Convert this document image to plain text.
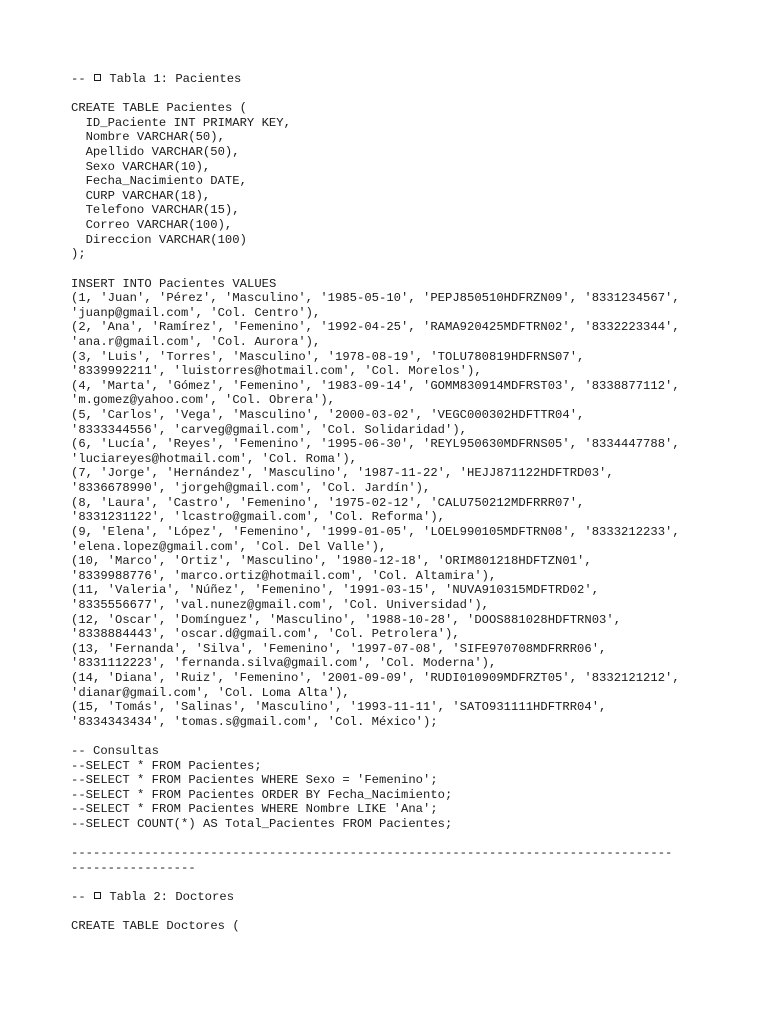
--  Tabla 1: Pacientes
CREATE TABLE Pacientes (
ID_Paciente INT PRIMARY KEY,
Nombre VARCHAR(50),
Apellido VARCHAR(50),
Sexo VARCHAR(10),
Fecha_Nacimiento DATE,
CURP VARCHAR(18),
Telefono VARCHAR(15),
Correo VARCHAR(100),
Direccion VARCHAR(100)
);
INSERT INTO Pacientes VALUES
(1, 'Juan', 'Pérez', 'Masculino', '1985-05-10', 'PEPJ850510HDFRZN09', '8331234567',
'juanp@gmail.com', 'Col. Centro'),
(2, 'Ana', 'Ramírez', 'Femenino', '1992-04-25', 'RAMA920425MDFTRN02', '8332223344',
'ana.r@gmail.com', 'Col. Aurora'),
(3, 'Luis', 'Torres', 'Masculino', '1978-08-19', 'TOLU780819HDFRNS07',
'8339992211', 'luistorres@hotmail.com', 'Col. Morelos'),
(4, 'Marta', 'Gómez', 'Femenino', '1983-09-14', 'GOMM830914MDFRST03', '8338877112',
'm.gomez@yahoo.com', 'Col. Obrera'),
(5, 'Carlos', 'Vega', 'Masculino', '2000-03-02', 'VEGC000302HDFTTR04',
'8333344556', 'carveg@gmail.com', 'Col. Solidaridad'),
(6, 'Lucía', 'Reyes', 'Femenino', '1995-06-30', 'REYL950630MDFRNS05', '8334447788',
'luciareyes@hotmail.com', 'Col. Roma'),
(7, 'Jorge', 'Hernández', 'Masculino', '1987-11-22', 'HEJJ871122HDFTRD03',
'8336678990', 'jorgeh@gmail.com', 'Col. Jardín'),
(8, 'Laura', 'Castro', 'Femenino', '1975-02-12', 'CALU750212MDFRRR07',
'8331231122', 'lcastro@gmail.com', 'Col. Reforma'),
(9, 'Elena', 'López', 'Femenino', '1999-01-05', 'LOEL990105MDFTRN08', '8333212233',
'elena.lopez@gmail.com', 'Col. Del Valle'),
(10, 'Marco', 'Ortiz', 'Masculino', '1980-12-18', 'ORIM801218HDFTZN01',
'8339988776', 'marco.ortiz@hotmail.com', 'Col. Altamira'),
(11, 'Valeria', 'Núñez', 'Femenino', '1991-03-15', 'NUVA910315MDFTRD02',
'8335556677', 'val.nunez@gmail.com', 'Col. Universidad'),
(12, 'Oscar', 'Domínguez', 'Masculino', '1988-10-28', 'DOOS881028HDFTRN03',
'8338884443', 'oscar.d@gmail.com', 'Col. Petrolera'),
(13, 'Fernanda', 'Silva', 'Femenino', '1997-07-08', 'SIFE970708MDFRRR06',
'8331112223', 'fernanda.silva@gmail.com', 'Col. Moderna'),
(14, 'Diana', 'Ruiz', 'Femenino', '2001-09-09', 'RUDI010909MDFRZT05', '8332121212',
'dianar@gmail.com', 'Col. Loma Alta'),
(15, 'Tomás', 'Salinas', 'Masculino', '1993-11-11', 'SATO931111HDFTRR04',
'8334343434', 'tomas.s@gmail.com', 'Col. México');
-- Consultas
--SELECT * FROM Pacientes;
--SELECT * FROM Pacientes WHERE Sexo = 'Femenino';
--SELECT * FROM Pacientes ORDER BY Fecha_Nacimiento;
--SELECT * FROM Pacientes WHERE Nombre LIKE 'Ana';
--SELECT COUNT(*) AS Total_Pacientes FROM Pacientes;
----------------------------------------------------------------------------------
-----------------
--  Tabla 2: Doctores
CREATE TABLE Doctores (
